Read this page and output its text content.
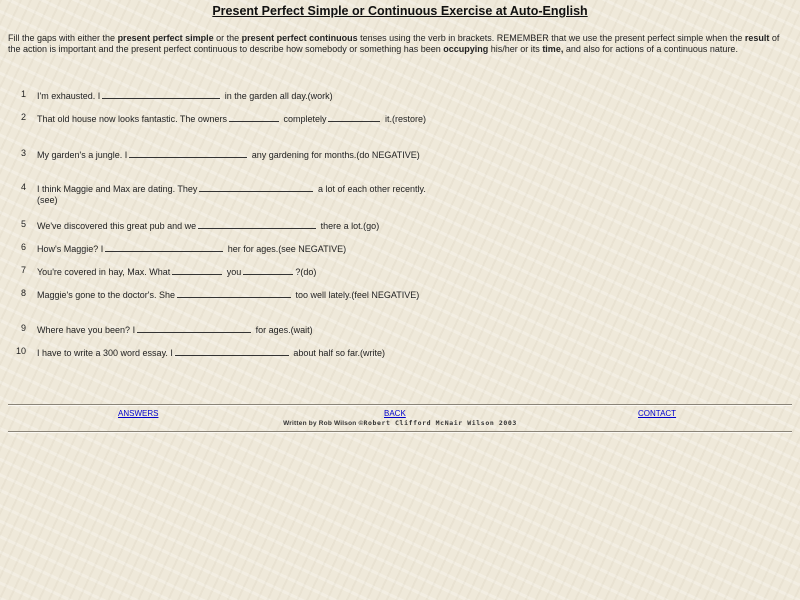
Present Perfect Simple or Continuous Exercise at Auto-English
Fill the gaps with either the present perfect simple or the present perfect continuous tenses using the verb in brackets. REMEMBER that we use the present perfect simple when the result of the action is important and the present perfect continuous to describe how somebody or something has been occupying his/her or its time, and also for actions of a continuous nature.
1 I'm exhausted. I	in the garden all day.(work)
2 That old house now looks fantastic. The owners	completely	it.(restore)
3 My garden's a jungle. I	any gardening for months.(do NEGATIVE)
4 I think Maggie and Max are dating. They	a lot of each other recently.(see)
5 We've discovered this great pub and we	there a lot.(go)
6 How's Maggie? I	her for ages.(see NEGATIVE)
7 You're covered in hay, Max. What	you	?(do)
8 Maggie's gone to the doctor's. She	too well lately.(feel NEGATIVE)
9 Where have you been? I	for ages.(wait)
10 I have to write a 300 word essay. I	about half so far.(write)
ANSWERS	BACK	CONTACT
Written by Rob Wilson ©Robert Clifford McNair Wilson 2003
